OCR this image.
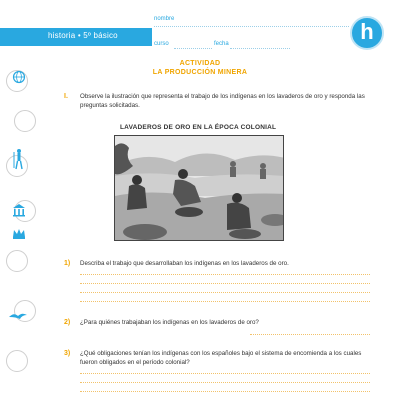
historia • 5º básico
nombre
curso	fecha	h
ACTIVIDAD
LA PRODUCCIÓN MINERA
I. Observe la ilustración que representa el trabajo de los indígenas en los lavaderos de oro y responda las preguntas solicitadas.
LAVADEROS DE ORO EN LA ÉPOCA COLONIAL
1) Describa el trabajo que desarrollaban los indígenas en los lavaderos de oro.
2) ¿Para quiénes trabajaban los indígenas en los lavaderos de oro?
3) ¿Qué obligaciones tenían los indígenas con los españoles bajo el sistema de encomienda a los cuales fueron obligados en el período colonial?
